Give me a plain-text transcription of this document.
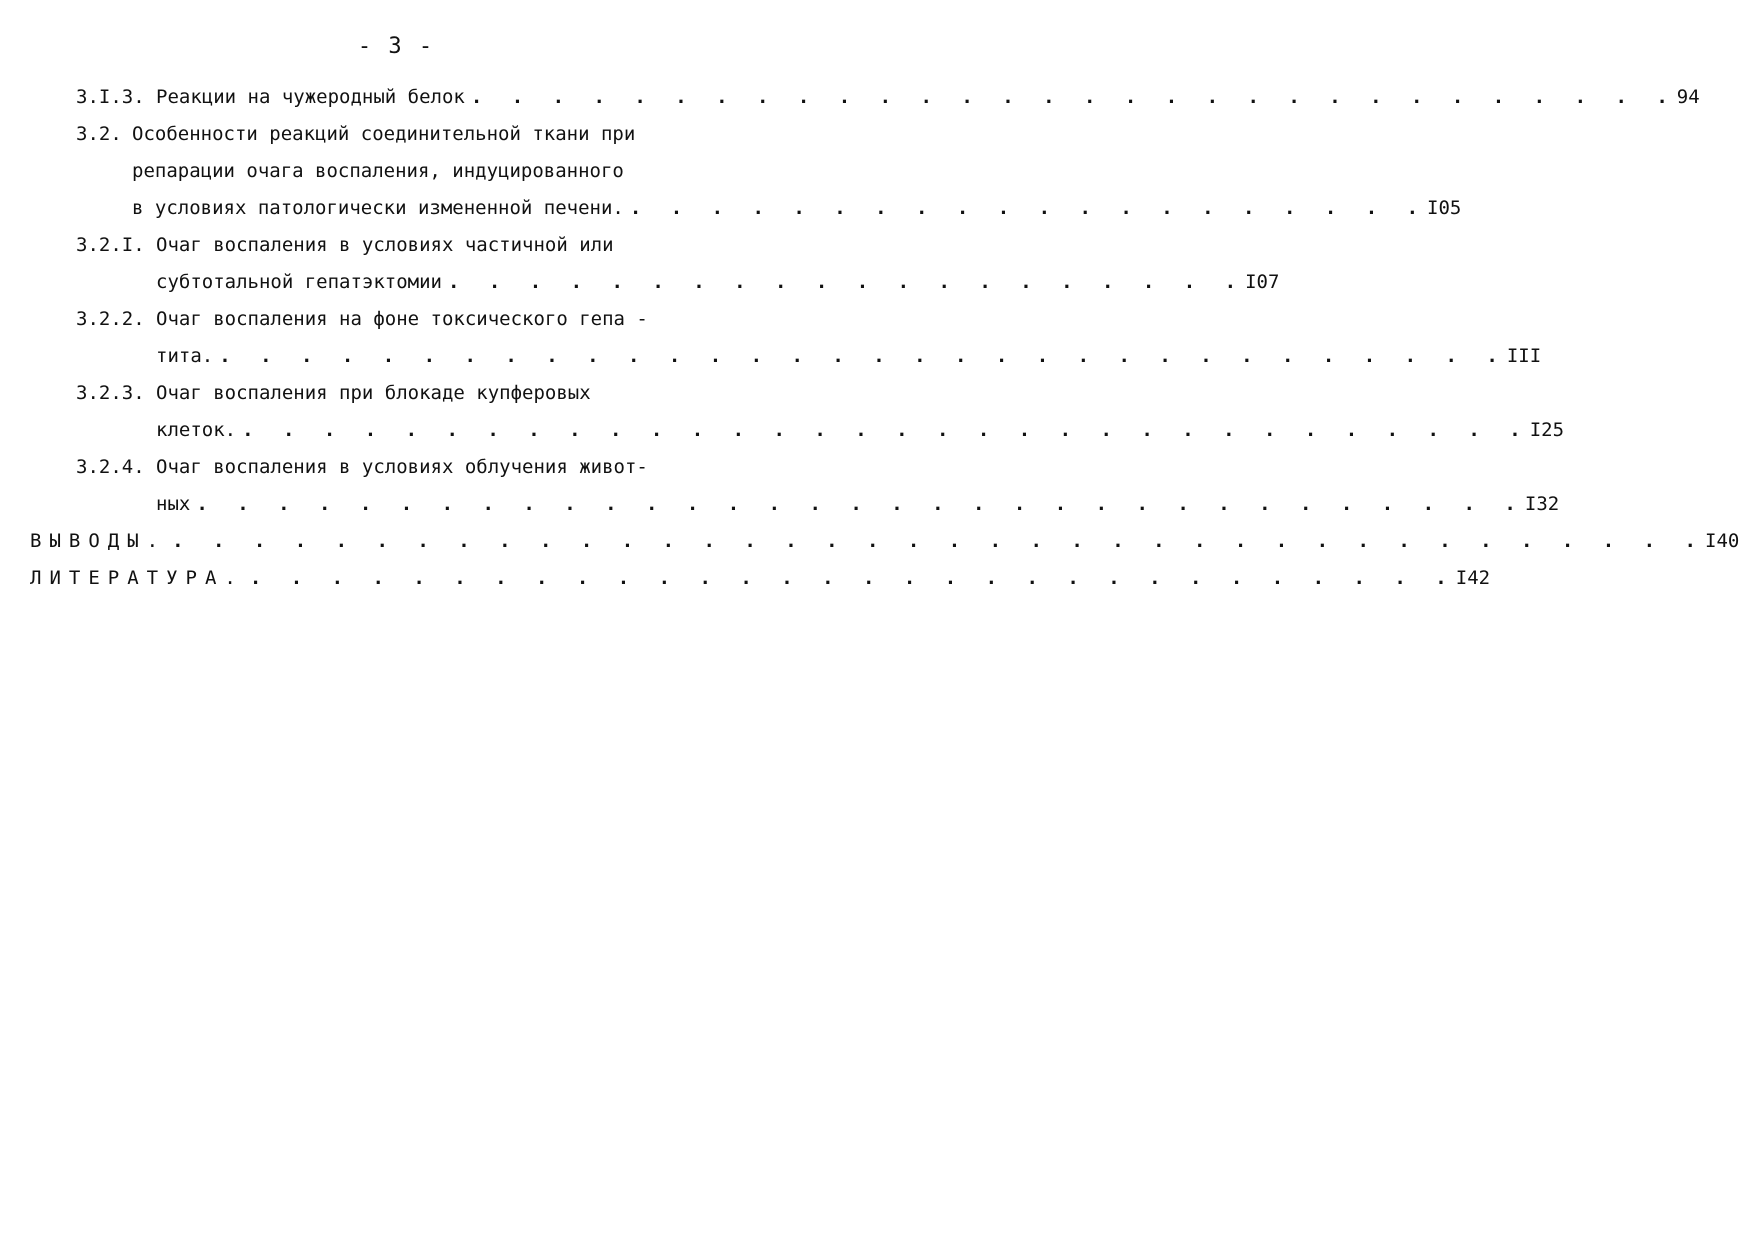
- 3 -
3.I.3. Реакции на чужеродный белок . . . . . . . . . . . . . . . . . . . . . . . . . . . . . . 94
3.2. Особенности реакций соединительной ткани при
репарации очага воспаления, индуцированного
в условиях патологически измененной печени. . . . . . . . . . . . . . . . . . . . . I05
3.2.I. Очаг воспаления в условиях частичной или
субтотальной гепатэктомии . . . . . . . . . . . . . . . . . . . . I07
3.2.2. Очаг воспаления на фоне токсического гепа -
тита. . . . . . . . . . . . . . . . . . . . . . . . . . . . . . . . . III
3.2.3. Очаг воспаления при блокаде купферовых
клеток. . . . . . . . . . . . . . . . . . . . . . . . . . . . . . . . . I25
3.2.4. Очаг воспаления в условиях облучения живот-
ных . . . . . . . . . . . . . . . . . . . . . . . . . . . . . . . . . I32
ВЫВОДЫ. . . . . . . . . . . . . . . . . . . . . . . . . . . . . . . . . . . . . . . I40
ЛИТЕРАТУРА. . . . . . . . . . . . . . . . . . . . . . . . . . . . . . . I42
